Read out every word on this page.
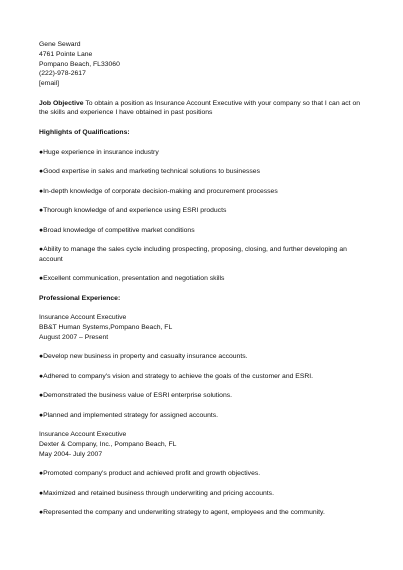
Gene Seward

4761 Pointe Lane

Pompano Beach, FL33060

(222)-978-2617

[email]

Job Objective To obtain a position as Insurance Account Executive with your company so that I can act on the skills and experience I have obtained in past positions

Highlights of Qualifications:

●Huge experience in insurance industry

●Good expertise in sales and marketing technical solutions to businesses

●In-depth knowledge of corporate decision-making and procurement processes

●Thorough knowledge of and experience using ESRI products

●Broad knowledge of competitive market conditions

●Ability to manage the sales cycle including prospecting, proposing, closing, and further developing an account

●Excellent communication, presentation and negotiation skills

Professional Experience:

Insurance Account Executive

BB&T Human Systems,Pompano Beach, FL

August 2007 – Present

●Develop new business in property and casualty insurance accounts.

●Adhered to company's vision and strategy to achieve the goals of the customer and ESRI.

●Demonstrated the business value of ESRI enterprise solutions.

●Planned and implemented strategy for assigned accounts.

Insurance Account Executive

Dexter & Company, Inc., Pompano Beach, FL

May 2004- July 2007

●Promoted company's product and achieved profit and growth objectives.

●Maximized and retained business through underwriting and pricing accounts.

●Represented the company and underwriting strategy to agent, employees and the community.
